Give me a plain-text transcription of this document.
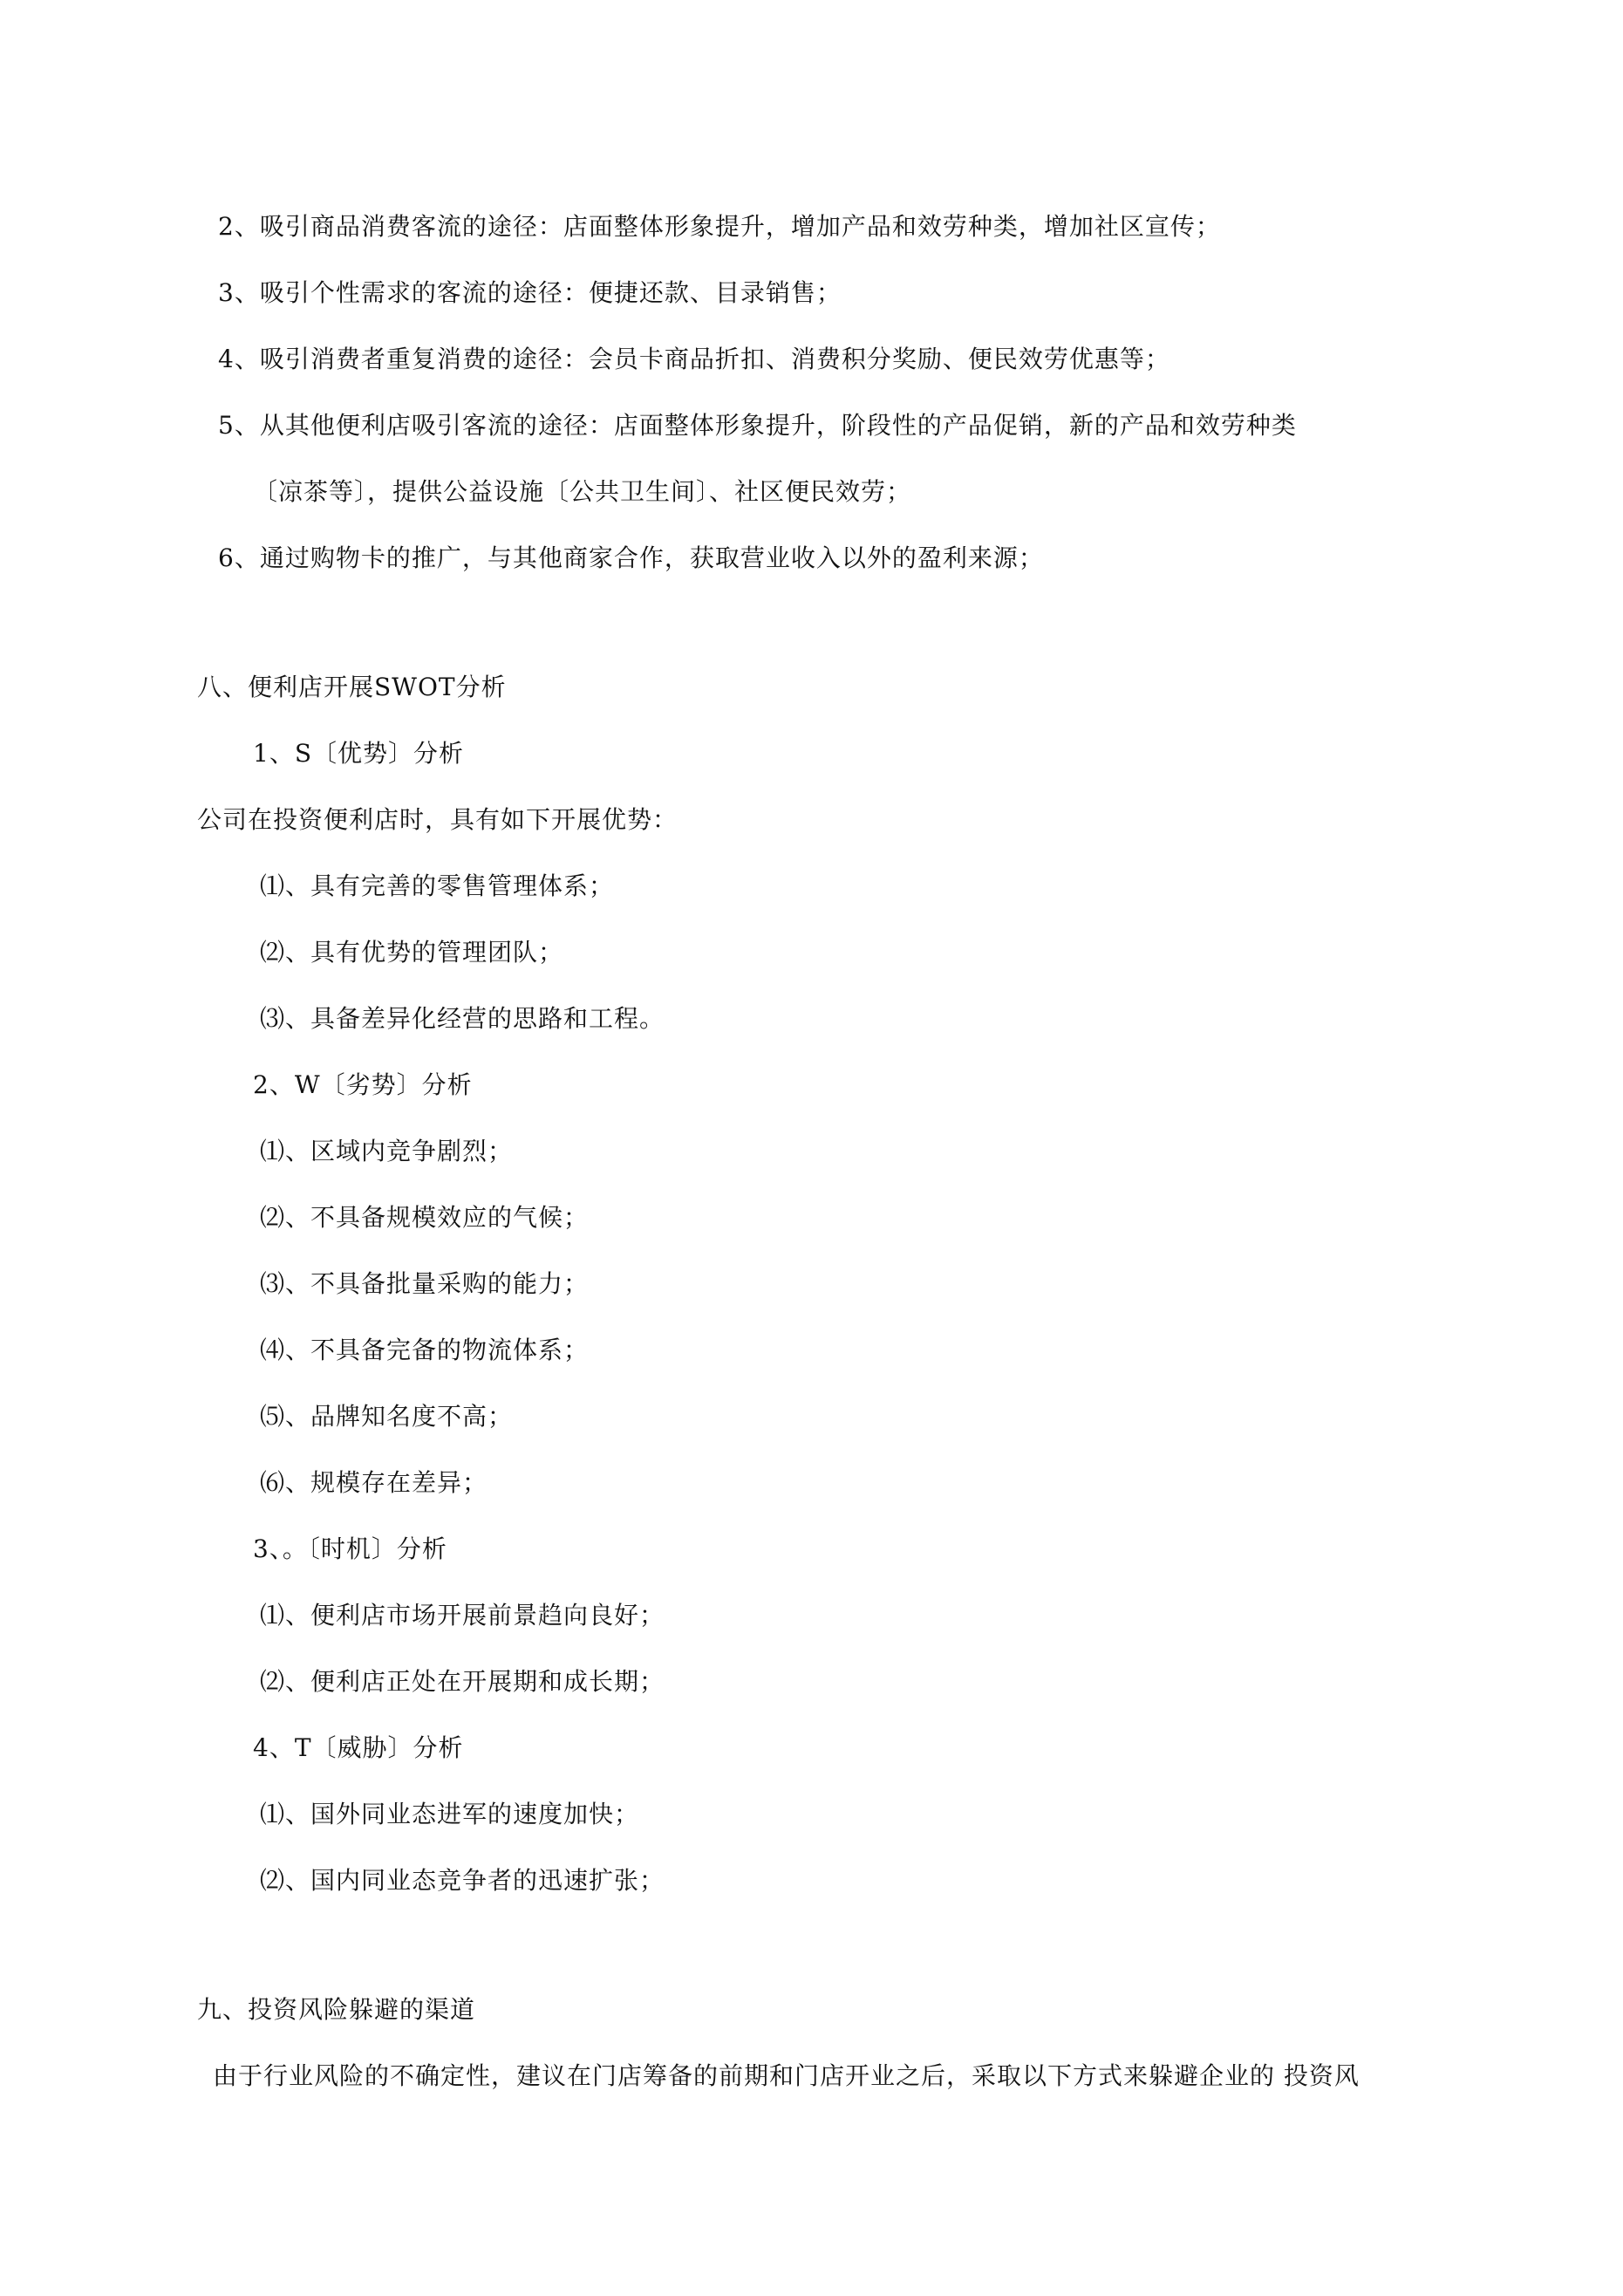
2、吸引商品消费客流的途径：店面整体形象提升，增加产品和效劳种类，增加社区宣传；
3、吸引个性需求的客流的途径：便捷还款、目录销售；
4、吸引消费者重复消费的途径：会员卡商品折扣、消费积分奖励、便民效劳优惠等；
5、从其他便利店吸引客流的途径：店面整体形象提升，阶段性的产品促销，新的产品和效劳种类
〔凉茶等〕，提供公益设施〔公共卫生间〕、社区便民效劳；
6、通过购物卡的推广，与其他商家合作，获取营业收入以外的盈利来源；
八、便利店开展SWOT分析
1、S〔优势〕分析
公司在投资便利店时，具有如下开展优势：
⑴、具有完善的零售管理体系；
⑵、具有优势的管理团队；
⑶、具备差异化经营的思路和工程。
2、W〔劣势〕分析
⑴、区域内竞争剧烈；
⑵、不具备规模效应的气候；
⑶、不具备批量采购的能力；
⑷、不具备完备的物流体系；
⑸、品牌知名度不高；
⑹、规模存在差异；
3、。〔时机〕分析
⑴、便利店市场开展前景趋向良好；
⑵、便利店正处在开展期和成长期；
4、T〔威胁〕分析
⑴、国外同业态进军的速度加快；
⑵、国内同业态竞争者的迅速扩张；
九、投资风险躲避的渠道
由于行业风险的不确定性，建议在门店筹备的前期和门店开业之后，采取以下方式来躲避企业的 投资风
